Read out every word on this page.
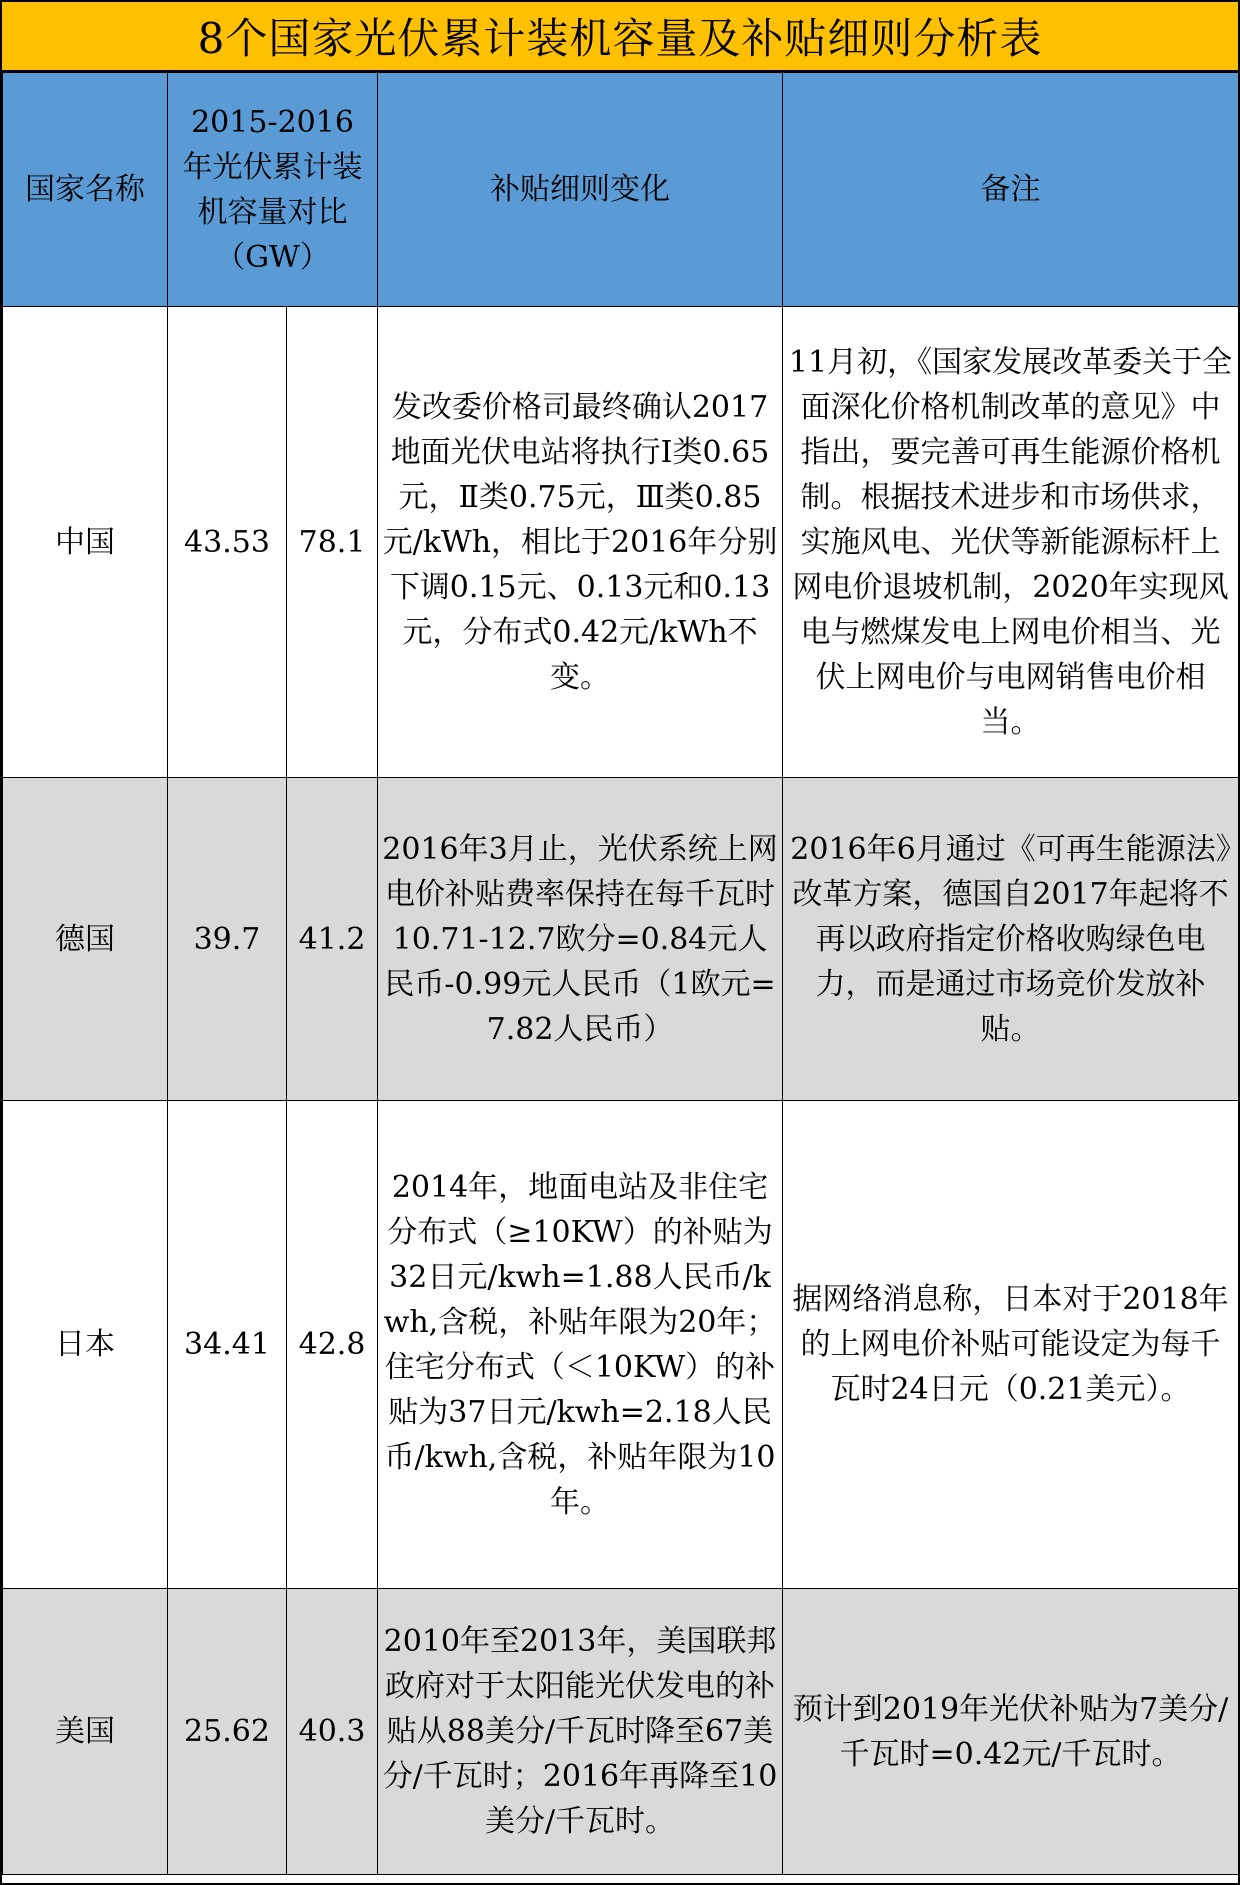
8个国家光伏累计装机容量及补贴细则分析表
国家名称	2015-2016年光伏累计装机容量对比（GW）		补贴细则变化	备注
中国	43.53	78.1	发改委价格司最终确认2017地面光伏电站将执行Ⅰ类0.65元，Ⅱ类0.75元，Ⅲ类0.85元/kWh，相比于2016年分别下调0.15元、0.13元和0.13元，分布式0.42元/kWh不变。	11月初，《国家发展改革委关于全面深化价格机制改革的意见》中指出，要完善可再生能源价格机制。根据技术进步和市场供求，实施风电、光伏等新能源标杆上网电价退坡机制，2020年实现风电与燃煤发电上网电价相当、光伏上网电价与电网销售电价相当。
德国	39.7	41.2	2016年3月止，光伏系统上网电价补贴费率保持在每千瓦时10.71-12.7欧分=0.84元人民币-0.99元人民币（1欧元=7.82人民币）	2016年6月通过《可再生能源法》改革方案，德国自2017年起将不再以政府指定价格收购绿色电力，而是通过市场竞价发放补贴。
日本	34.41	42.8	2014年，地面电站及非住宅分布式（≥10KW）的补贴为32日元/kwh=1.88人民币/kwh,含税，补贴年限为20年；住宅分布式（＜10KW）的补贴为37日元/kwh=2.18人民币/kwh,含税，补贴年限为10年。	据网络消息称，日本对于2018年的上网电价补贴可能设定为每千瓦时24日元（0.21美元）。
美国	25.62	40.3	2010年至2013年，美国联邦政府对于太阳能光伏发电的补贴从88美分/千瓦时降至67美分/千瓦时；2016年再降至10美分/千瓦时。	预计到2019年光伏补贴为7美分/千瓦时=0.42元/千瓦时。
